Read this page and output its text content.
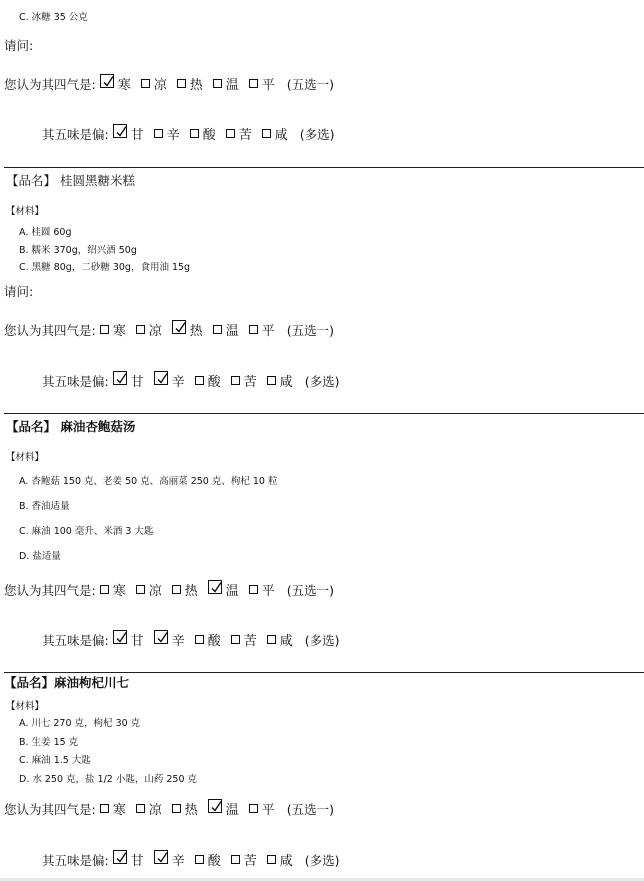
C. 冰糖 35 公克
请问:
您认为其四气是: 寒 凉 热 温 平 (五选一)
其五味是偏: 甘 辛 酸 苦 咸 (多选)
【品名】 桂圆黑糖米糕
【材料】
A. 桂圆 60g
B. 糯米 370g，绍兴酒 50g
C. 黑糖 80g，二砂糖 30g，食用油 15g
请问:
您认为其四气是: 寒 凉 热 温 平 (五选一)
其五味是偏: 甘 辛 酸 苦 咸 (多选)
【品名】 麻油杏鲍菇汤
【材料】
A. 杏鲍菇 150 克、老姜 50 克、高丽菜 250 克、枸杞 10 粒
B. 香油适量
C. 麻油 100 毫升、米酒 3 大匙
D. 盐适量
您认为其四气是: 寒 凉 热 温 平 (五选一)
其五味是偏: 甘 辛 酸 苦 咸 (多选)
【品名】麻油枸杞川七
【材料】
A. 川七 270 克，枸杞 30 克
B. 生姜 15 克
C. 麻油 1.5 大匙
D. 水 250 克，盐 1/2 小匙，山药 250 克
您认为其四气是: 寒 凉 热 温 平 (五选一)
其五味是偏: 甘 辛 酸 苦 咸 (多选)
